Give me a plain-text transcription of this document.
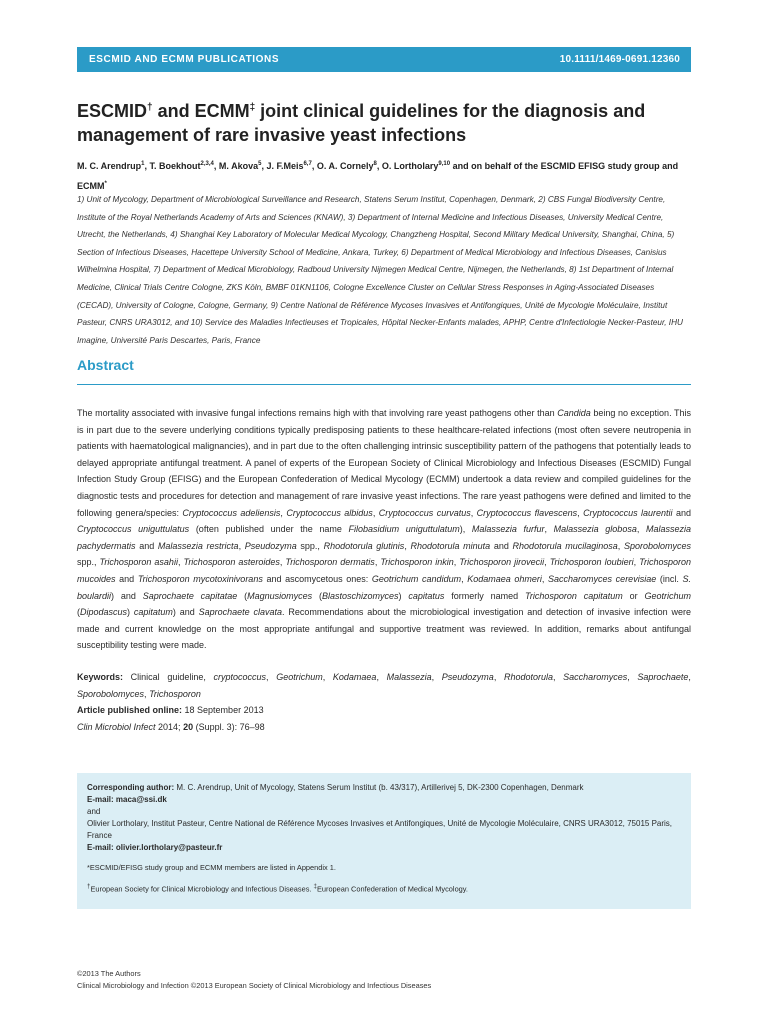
ESCMID AND ECMM PUBLICATIONS	10.1111/1469-0691.12360
ESCMID† and ECMM‡ joint clinical guidelines for the diagnosis and management of rare invasive yeast infections

M. C. Arendrup$^1$, T. Boekhout$^{2,3,4}$, M. Akova$^5$, J. F.Meis$^{6,7}$, O. A. Cornely$^8$, O. Lortholary$^{9,10}$ and on behalf of the ESCMID EFISG study group and ECMM*

1) Unit of Mycology, Department of Microbiological Surveillance and Research, Statens Serum Institut, Copenhagen, Denmark, 2) CBS Fungal Biodiversity Centre, Institute of the Royal Netherlands Academy of Arts and Sciences (KNAW), 3) Department of Internal Medicine and Infectious Diseases, University Medical Centre, Utrecht, the Netherlands, 4) Shanghai Key Laboratory of Molecular Medical Mycology, Changzheng Hospital, Second Military Medical University, Shanghai, China, 5) Section of Infectious Diseases, Hacettepe University School of Medicine, Ankara, Turkey, 6) Department of Medical Microbiology and Infectious Diseases, Canisius Wilhelmina Hospital, 7) Department of Medical Microbiology, Radboud University Nijmegen Medical Centre, Nijmegen, the Netherlands, 8) 1st Department of Internal Medicine, Clinical Trials Centre Cologne, ZKS Köln, BMBF 01KN1106, Cologne Excellence Cluster on Cellular Stress Responses in Aging-Associated Diseases (CECAD), University of Cologne, Cologne, Germany, 9) Centre National de Référence Mycoses Invasives et Antifongiques, Unité de Mycologie Moléculaire, Institut Pasteur, CNRS URA3012, and 10) Service des Maladies Infectieuses et Tropicales, Hôpital Necker-Enfants malades, APHP, Centre d'Infectiologie Necker-Pasteur, IHU Imagine, Université Paris Descartes, Paris, France

Abstract

The mortality associated with invasive fungal infections remains high with that involving rare yeast pathogens other than Candida being no exception. This is in part due to the severe underlying conditions typically predisposing patients to these healthcare-related infections (most often severe neutropenia in patients with haematological malignancies), and in part due to the often challenging intrinsic susceptibility pattern of the pathogens that potentially leads to delayed appropriate antifungal treatment. A panel of experts of the European Society of Clinical Microbiology and Infectious Diseases (ESCMID) Fungal Infection Study Group (EFISG) and the European Confederation of Medical Mycology (ECMM) undertook a data review and compiled guidelines for the diagnostic tests and procedures for detection and management of rare invasive yeast infections. The rare yeast pathogens were defined and limited to the following genera/species: Cryptococcus adeliensis, Cryptococcus albidus, Cryptococcus curvatus, Cryptococcus flavescens, Cryptococcus laurentii and Cryptococcus uniguttulatus (often published under the name Filobasidium uniguttulatum), Malassezia furfur, Malassezia globosa, Malassezia pachydermatis and Malassezia restricta, Pseudozyma spp., Rhodotorula glutinis, Rhodotorula minuta and Rhodotorula mucilaginosa, Sporobolomyces spp., Trichosporon asahii, Trichosporon asteroides, Trichosporon dermatis, Trichosporon inkin, Trichosporon jirovecii, Trichosporon loubieri, Trichosporon mucoides and Trichosporon mycotoxinivorans and ascomycetous ones: Geotrichum candidum, Kodamaea ohmeri, Saccharomyces cerevisiae (incl. S. boulardii) and Saprochaete capitatae (Magnusiomyces (Blastoschizomyces) capitatus formerly named Trichosporon capitatum or Geotrichum (Dipodascus) capitatum) and Saprochaete clavata. Recommendations about the microbiological investigation and detection of invasive infection were made and current knowledge on the most appropriate antifungal and supportive treatment was reviewed. In addition, remarks about antifungal susceptibility testing were made.

Keywords: Clinical guideline, cryptococcus, Geotrichum, Kodamaea, Malassezia, Pseudozyma, Rhodotorula, Saccharomyces, Saprochaete, Sporobolomyces, Trichosporon

Article published online: 18 September 2013

Clin Microbiol Infect 2014; 20 (Suppl. 3): 76–98

Corresponding author: M. C. Arendrup, Unit of Mycology, Statens Serum Institut (b. 43/317), Artillerivej 5, DK-2300 Copenhagen, Denmark

E-mail: maca@ssi.dk

and

Olivier Lortholary, Institut Pasteur, Centre National de Référence Mycoses Invasives et Antifongiques, Unité de Mycologie Moléculaire, CNRS URA3012, 75015 Paris, France

E-mail: olivier.lortholary@pasteur.fr

*ESCMID/EFISG study group and ECMM members are listed in Appendix 1.

†European Society for Clinical Microbiology and Infectious Diseases. ‡European Confederation of Medical Mycology.

©2013 The Authors

Clinical Microbiology and Infection ©2013 European Society of Clinical Microbiology and Infectious Diseases
